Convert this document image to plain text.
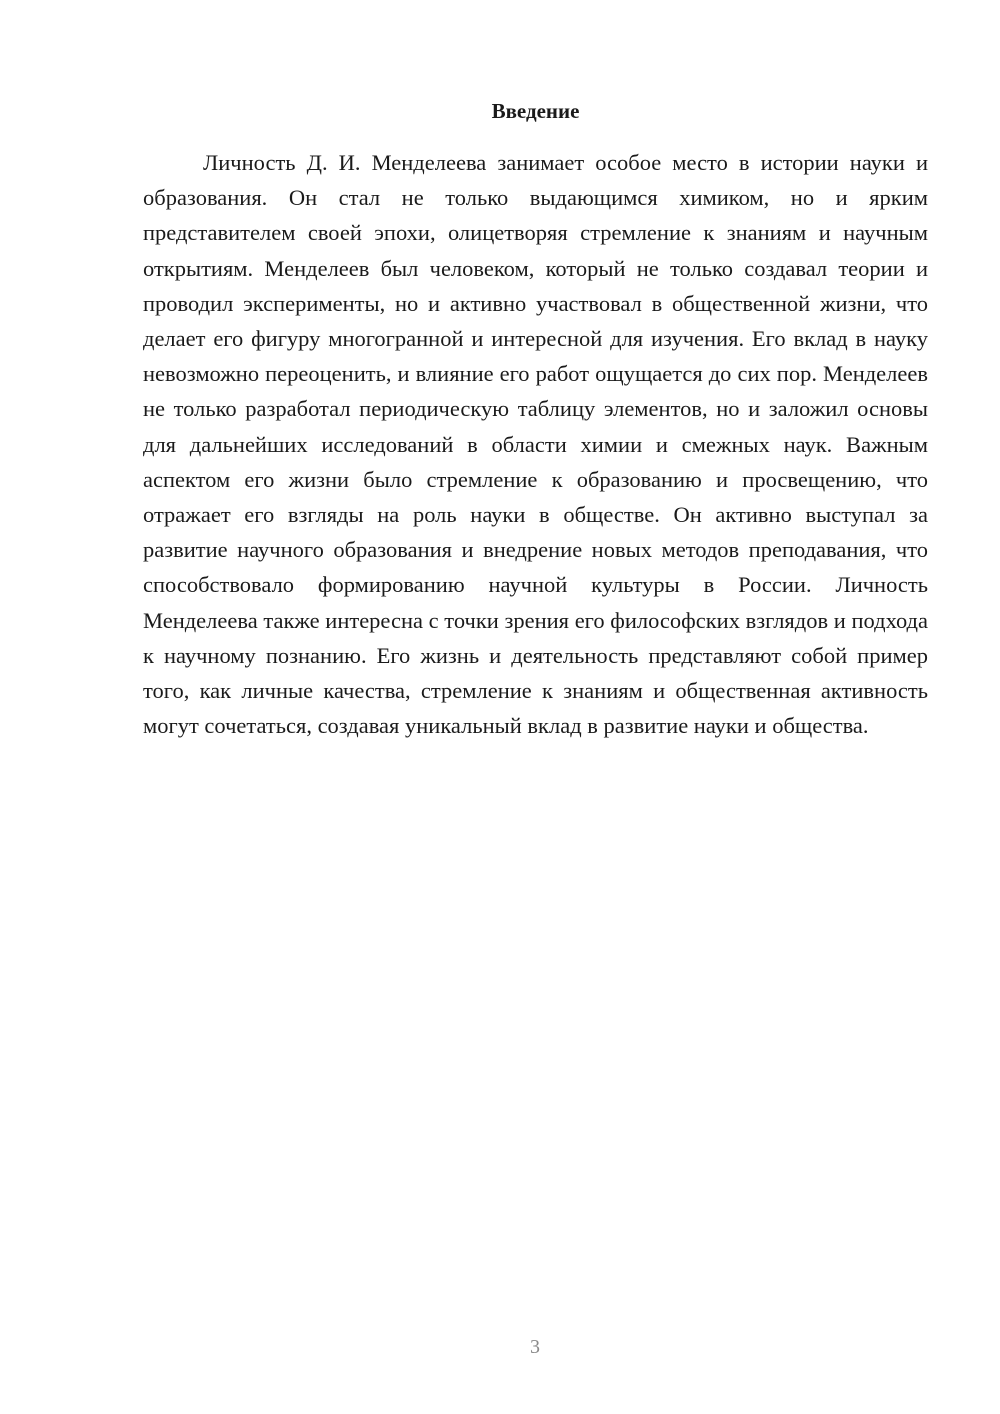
Введение

Личность Д. И. Менделеева занимает особое место в истории науки и образования. Он стал не только выдающимся химиком, но и ярким представителем своей эпохи, олицетворяя стремление к знаниям и научным открытиям. Менделеев был человеком, который не только создавал теории и проводил эксперименты, но и активно участвовал в общественной жизни, что делает его фигуру многогранной и интересной для изучения. Его вклад в науку невозможно переоценить, и влияние его работ ощущается до сих пор. Менделеев не только разработал периодическую таблицу элементов, но и заложил основы для дальнейших исследований в области химии и смежных наук. Важным аспектом его жизни было стремление к образованию и просвещению, что отражает его взгляды на роль науки в обществе. Он активно выступал за развитие научного образования и внедрение новых методов преподавания, что способствовало формированию научной культуры в России. Личность Менделеева также интересна с точки зрения его философских взглядов и подхода к научному познанию. Его жизнь и деятельность представляют собой пример того, как личные качества, стремление к знаниям и общественная активность могут сочетаться, создавая уникальный вклад в развитие науки и общества.

3
